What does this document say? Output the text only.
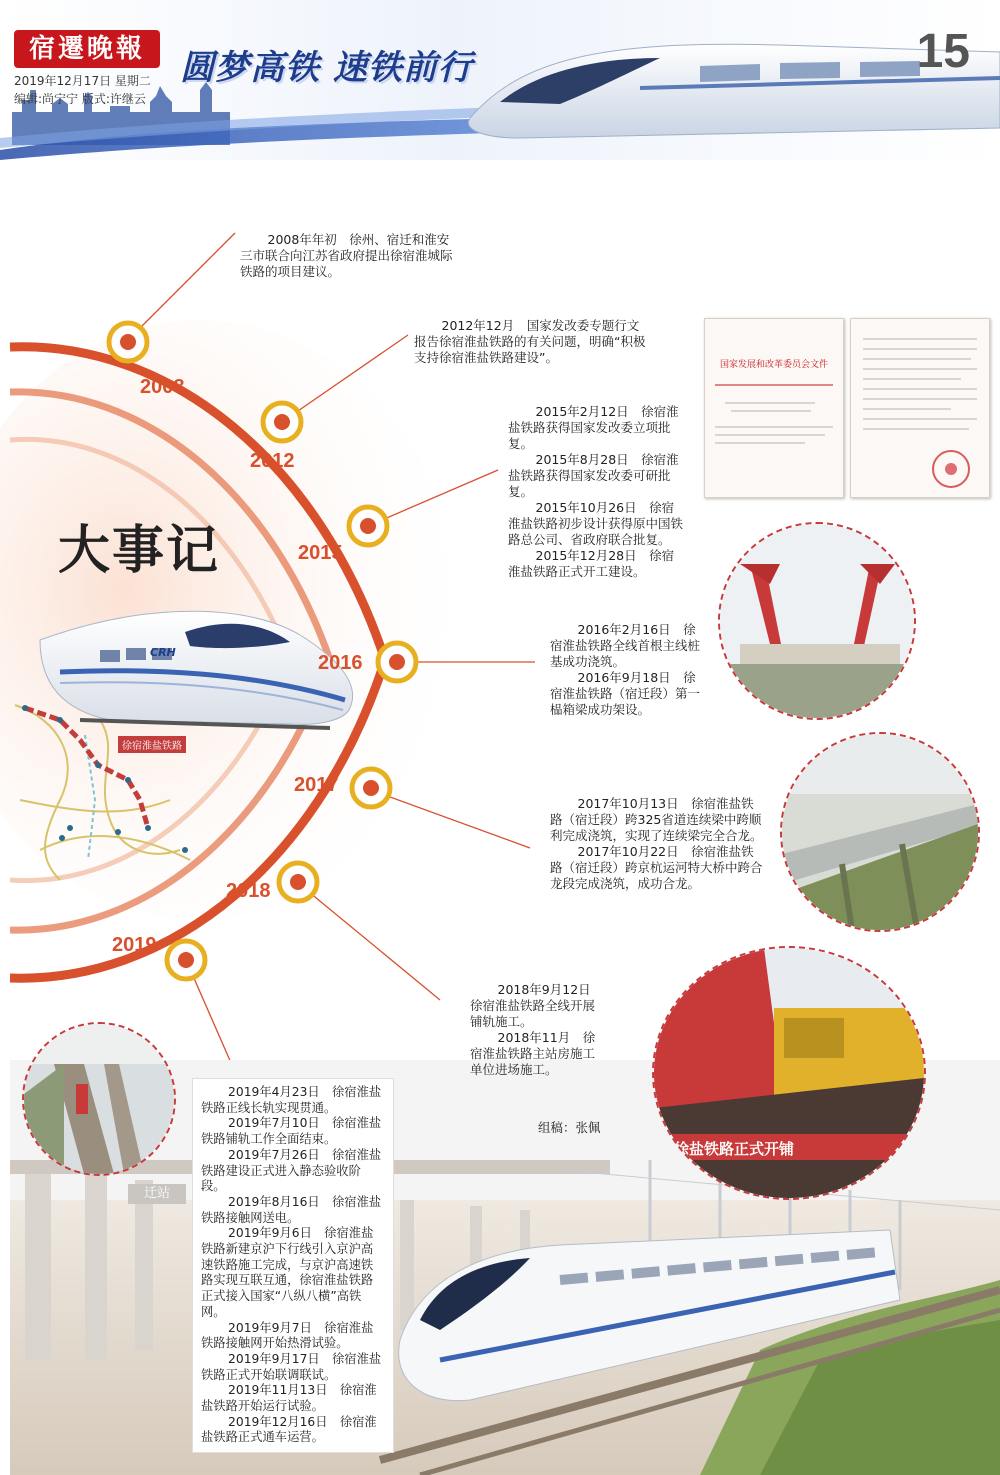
宿遷晚報
2019年12月17日 星期二
编辑:尚宁宁 版式:许继云
圆梦高铁 速铁前行	15
迁站
2008
2012
2015
2016
2017
2018
2019
大事记
CRH
徐宿淮盐铁路

2008年年初　徐州、宿迁和淮安三市联合向江苏省政府提出徐宿淮城际铁路的项目建议。

2012年12月　国家发改委专题行文报告徐宿淮盐铁路的有关问题，明确“积极支持徐宿淮盐铁路建设”。

2015年2月12日　徐宿淮盐铁路获得国家发改委立项批复。

2015年8月28日　徐宿淮盐铁路获得国家发改委可研批复。

2015年10月26日　徐宿淮盐铁路初步设计获得原中国铁路总公司、省政府联合批复。

2015年12月28日　徐宿淮盐铁路正式开工建设。

2016年2月16日　徐宿淮盐铁路全线首根主线桩基成功浇筑。

2016年9月18日　徐宿淮盐铁路（宿迁段）第一榀箱梁成功架设。

2017年10月13日　徐宿淮盐铁路（宿迁段）跨325省道连续梁中跨顺利完成浇筑，实现了连续梁完全合龙。

2017年10月22日　徐宿淮盐铁路（宿迁段）跨京杭运河特大桥中跨合龙段完成浇筑，成功合龙。

2018年9月12日　徐宿淮盐铁路全线开展铺轨施工。

2018年11月　徐宿淮盐铁路主站房施工单位进场施工。

2019年4月23日　徐宿淮盐铁路正线长轨实现贯通。

2019年7月10日　徐宿淮盐铁路铺轨工作全面结束。

2019年7月26日　徐宿淮盐铁路建设正式进入静态验收阶段。

2019年8月16日　徐宿淮盐铁路接触网送电。

2019年9月6日　徐宿淮盐铁路新建京沪下行线引入京沪高速铁路施工完成，与京沪高速铁路实现互联互通，徐宿淮盐铁路正式接入国家“八纵八横”高铁网。

2019年9月7日　徐宿淮盐铁路接触网开始热滑试验。

2019年9月17日　徐宿淮盐铁路正式开始联调联试。

2019年11月13日　徐宿淮盐铁路开始运行试验。

2019年12月16日　徐宿淮盐铁路正式通车运营。

组稿：张佩
国家发展和改革委员会文件
徐盐铁路正式开铺
